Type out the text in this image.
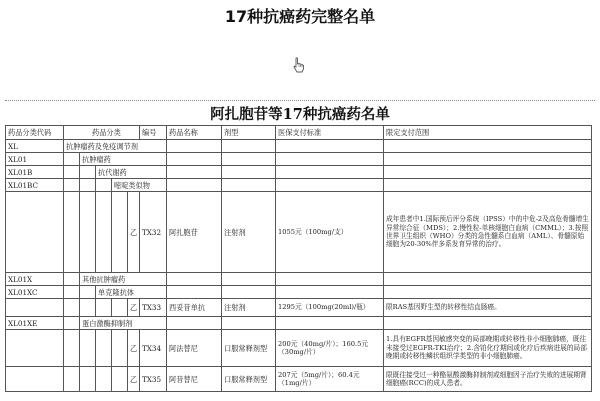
17种抗癌药完整名单
阿扎胞苷等17种抗癌药名单
药品分类代码	药品分类					编号	药品名称	剂型	医保支付标准	限定支付范围	
XL	抗肿瘤药及免疫调节剂										
XL01		抗肿瘤药									
XL01B			抗代谢药								
XL01BC				嘧啶类似物							
					乙	TX32	阿扎胞苷	注射剂	1055元（100mg/支）	成年患者中1.国际预后评分系统（IPSS）中的中危-2及高危骨髓增生异常综合征（MDS）；2.慢性粒-单核细胞白血病（CMML）；3.按照世界卫生组织（WHO）分类的急性髓系白血病（AML）、骨髓原始细胞为20-30%伴多系发育异常的治疗。	
XL01X		其他抗肿瘤药									
XL01XC			单克隆抗体								
					乙	TX33	西妥昔单抗	注射剂	1295元（100mg(20ml)/瓶）	限RAS基因野生型的转移性结直肠癌。	
XL01XE		蛋白激酶抑制剂									
					乙	TX34	阿法替尼	口服常释剂型	200元（40mg/片）；160.5元（30mg/片）	1.具有EGFR基因敏感突变的局部晚期或转移性非小细胞肺癌，既往未接受过EGFR-TKI治疗；2.含铂化疗期间或化疗后疾病进展的局部晚期或转移性鳞状组织学类型的非小细胞肺癌。	
					乙	TX35	阿昔替尼	口服常释剂型	207元（5mg/片）；60.4元（1mg/片）	限既往接受过一种酪氨酸激酶抑制剂或细胞因子治疗失败的进展期肾细胞癌(RCC)的成人患者。	
